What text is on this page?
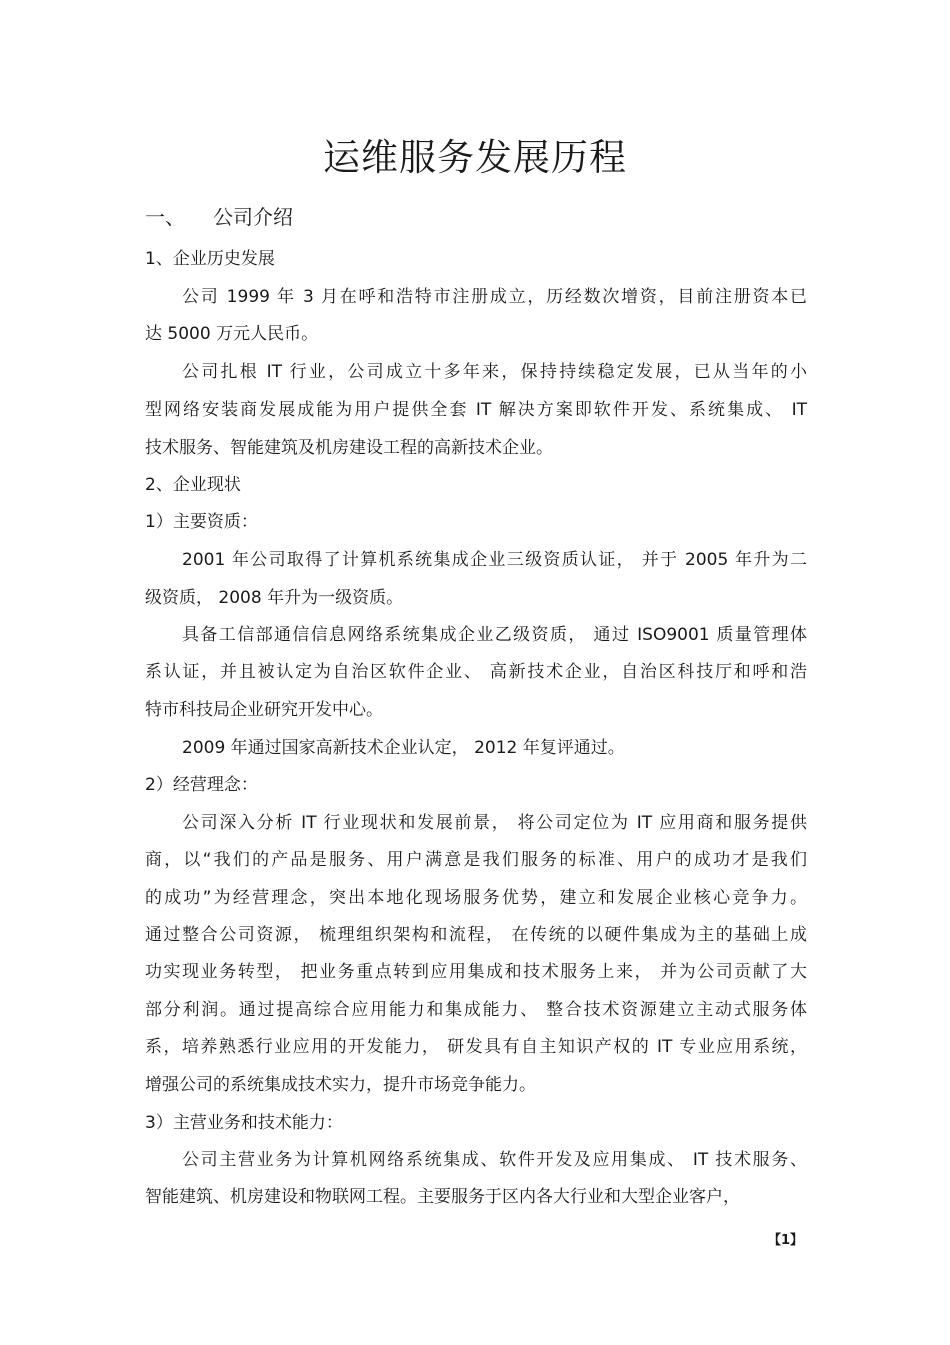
运维服务发展历程
一、 公司介绍

1、企业历史发展

公司 1999 年 3 月在呼和浩特市注册成立，历经数次增资，目前注册资本已

达 5000 万元人民币。

公司扎根 IT 行业，公司成立十多年来，保持持续稳定发展，已从当年的小

型网络安装商发展成能为用户提供全套 IT 解决方案即软件开发、系统集成、 IT

技术服务、智能建筑及机房建设工程的高新技术企业。

2、企业现状

1）主要资质：

2001 年公司取得了计算机系统集成企业三级资质认证， 并于 2005 年升为二

级资质， 2008 年升为一级资质。

具备工信部通信信息网络系统集成企业乙级资质， 通过 ISO9001 质量管理体

系认证，并且被认定为自治区软件企业、 高新技术企业，自治区科技厅和呼和浩

特市科技局企业研究开发中心。

2009 年通过国家高新技术企业认定， 2012 年复评通过。

2）经营理念：

公司深入分析 IT 行业现状和发展前景， 将公司定位为 IT 应用商和服务提供

商，以“我们的产品是服务、用户满意是我们服务的标准、用户的成功才是我们

的成功”为经营理念，突出本地化现场服务优势，建立和发展企业核心竞争力。

通过整合公司资源， 梳理组织架构和流程， 在传统的以硬件集成为主的基础上成

功实现业务转型， 把业务重点转到应用集成和技术服务上来， 并为公司贡献了大

部分利润。通过提高综合应用能力和集成能力、 整合技术资源建立主动式服务体

系，培养熟悉行业应用的开发能力， 研发具有自主知识产权的 IT 专业应用系统，

增强公司的系统集成技术实力，提升市场竞争能力。

3）主营业务和技术能力：

公司主营业务为计算机网络系统集成、软件开发及应用集成、 IT 技术服务、

智能建筑、机房建设和物联网工程。主要服务于区内各大行业和大型企业客户，

【1】
